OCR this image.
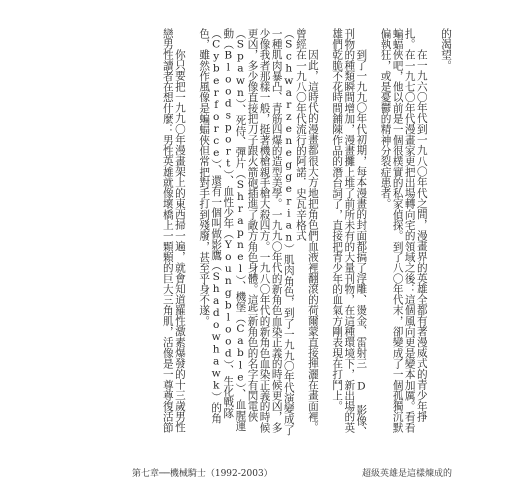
的渴望。

在一九六〇年代到一九八〇年代之間，漫畫界的英雄全都有著漫威式的青少年掙扎。在一九七〇年代漫畫家更把出場轉向宅的領域之後：這個風向更是變本加厲。看看蝙蝠俠吧，他以前是一個很樸實的私家偵探。到了八〇年代末，卻變成了一個孤獨沉默偏執狂，或是憂鬱的精神分裂症患者。

到了一九九〇年代初期，每本漫畫的封面都搞了浮雕、燙金、雷射三 D 影像、刊物的種類瞬間增加，漫畫攤上堆了前所未有的大量刊物，在這種環境下，新出場的英雄們乾脆不花時間鋪陳作品的潛台詞了，直接把青少年的血氣方剛表現在打鬥上。

因此，這時代的漫畫都很大方地把角色們血液裡翻滾的荷爾蒙直接揮灑在畫面裡。曾經在一九八〇年代流行的阿諾．史瓦辛格式（Schwarzeneggerian）肌肉角色，到了一九九〇年代演變成了一種肌肉暴凸、青筋四爆的造型美學。一九九〇年代的新角色血染正義的時候更凶，多少像我者那樣一般，挺著機槍親手槍大殺四方。一九八〇年代的新角色血染正義的時候更凶，多少像直接把刀子跟火箭砲插進了敵方角色身體。這些新角色的名字有閃電俠（Spawn）、死侍、彈片（Shrapnel）、機堡（Cable）、血腥運動（Bloodsport）、血性少年（Youngblood）、生化戰隊（Cyberforce）、還有一個叫做影鷹（Shadowhawk）的角色，雖然作風像是蝙蝠俠但常把對手打到殘廢，甚至乎身不遂。

你只要把一九九〇年漫畫架上的東西掃一遍，就會知道羅性激素爆發的十三歲男性戀男性讀者在想什麼：男性英雄就像壞橋上一顆顆的巨大三角肌，活像是一尊尊復活節

第七章──機械騎士（1992-2003）	超級英雄是這樣煉成的
